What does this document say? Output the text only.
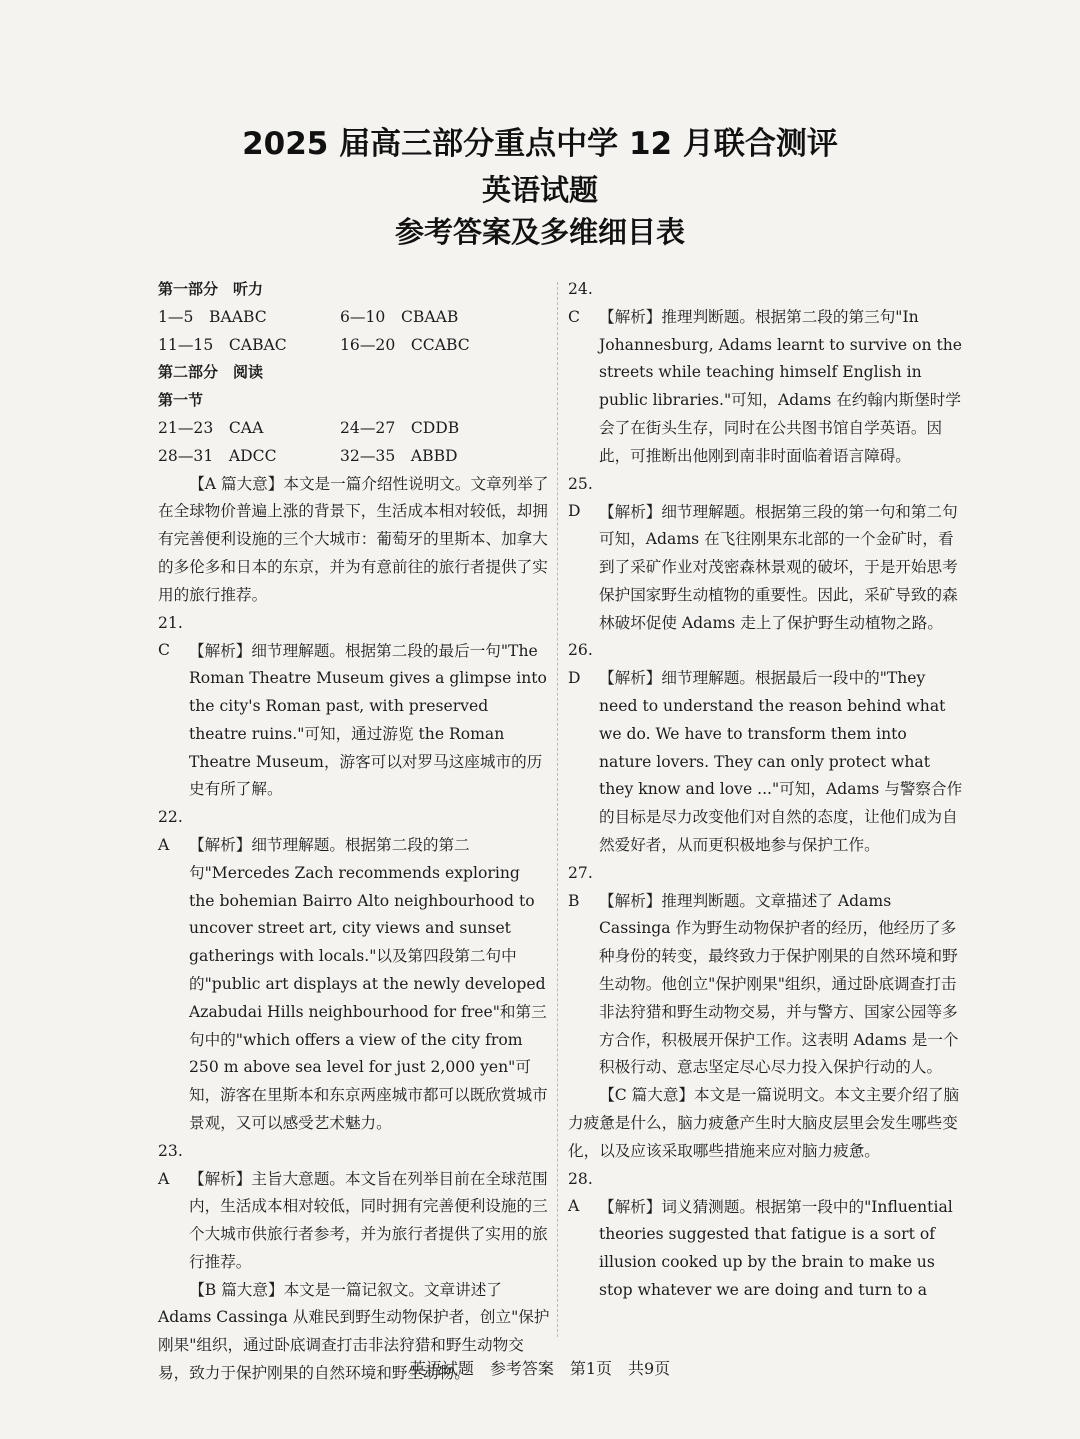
2025 届高三部分重点中学 12 月联合测评
英语试题
参考答案及多维细目表
第一部分　听力
1—5　BAABC	6—10　CBAAB
11—15　CABAC	16—20　CCABC
第二部分　阅读
第一节
21—23　CAA	24—27　CDDB
28—31　ADCC	32—35　ABBD

【A 篇大意】本文是一篇介绍性说明文。文章列举了在全球物价普遍上涨的背景下，生活成本相对较低，却拥有完善便利设施的三个大城市：葡萄牙的里斯本、加拿大的多伦多和日本的东京，并为有意前往的旅行者提供了实用的旅行推荐。

21. C 【解析】细节理解题。根据第二段的最后一句"The Roman Theatre Museum gives a glimpse into the city's Roman past, with preserved theatre ruins."可知，通过游览 the Roman Theatre Museum，游客可以对罗马这座城市的历史有所了解。

22. A 【解析】细节理解题。根据第二段的第二句"Mercedes Zach recommends exploring the bohemian Bairro Alto neighbourhood to uncover street art, city views and sunset gatherings with locals."以及第四段第二句中的"public art displays at the newly developed Azabudai Hills neighbourhood for free"和第三句中的"which offers a view of the city from 250 m above sea level for just 2,000 yen"可知，游客在里斯本和东京两座城市都可以既欣赏城市景观，又可以感受艺术魅力。

23. A 【解析】主旨大意题。本文旨在列举目前在全球范围内，生活成本相对较低，同时拥有完善便利设施的三个大城市供旅行者参考，并为旅行者提供了实用的旅行推荐。

【B 篇大意】本文是一篇记叙文。文章讲述了 Adams Cassinga 从难民到野生动物保护者，创立"保护刚果"组织，通过卧底调查打击非法狩猎和野生动物交易，致力于保护刚果的自然环境和野生动物。

24. C 【解析】推理判断题。根据第二段的第三句"In Johannesburg, Adams learnt to survive on the streets while teaching himself English in public libraries."可知，Adams 在约翰内斯堡时学会了在街头生存，同时在公共图书馆自学英语。因此，可推断出他刚到南非时面临着语言障碍。

25. D 【解析】细节理解题。根据第三段的第一句和第二句可知，Adams 在飞往刚果东北部的一个金矿时，看到了采矿作业对茂密森林景观的破坏，于是开始思考保护国家野生动植物的重要性。因此，采矿导致的森林破坏促使 Adams 走上了保护野生动植物之路。

26. D 【解析】细节理解题。根据最后一段中的"They need to understand the reason behind what we do. We have to transform them into nature lovers. They can only protect what they know and love ..."可知，Adams 与警察合作的目标是尽力改变他们对自然的态度，让他们成为自然爱好者，从而更积极地参与保护工作。

27. B 【解析】推理判断题。文章描述了 Adams Cassinga 作为野生动物保护者的经历，他经历了多种身份的转变，最终致力于保护刚果的自然环境和野生动物。他创立"保护刚果"组织，通过卧底调查打击非法狩猎和野生动物交易，并与警方、国家公园等多方合作，积极展开保护工作。这表明 Adams 是一个积极行动、意志坚定尽心尽力投入保护行动的人。

【C 篇大意】本文是一篇说明文。本文主要介绍了脑力疲惫是什么，脑力疲惫产生时大脑皮层里会发生哪些变化，以及应该采取哪些措施来应对脑力疲惫。

28. A 【解析】词义猜测题。根据第一段中的"Influential theories suggested that fatigue is a sort of illusion cooked up by the brain to make us stop whatever we are doing and turn to a

英语试题　参考答案　第1页　共9页
